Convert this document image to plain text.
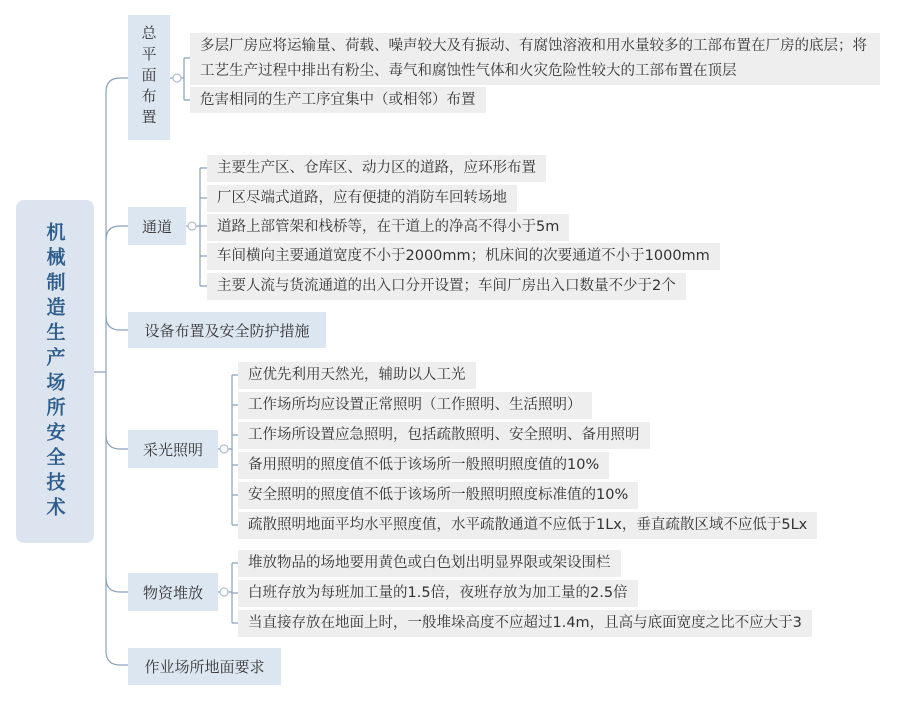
机械制造生产场所安全技术
总平面布置	多层厂房应将运输量、荷载、噪声较大及有振动、有腐蚀溶液和用水量较多的工部布置在厂房的底层；将工艺生产过程中排出有粉尘、毒气和腐蚀性气体和火灾危险性较大的工部布置在顶层
危害相同的生产工序宜集中（或相邻）布置
通道
主要生产区、仓库区、动力区的道路，应环形布置
厂区尽端式道路，应有便捷的消防车回转场地
道路上部管架和栈桥等，在干道上的净高不得小于5m
车间横向主要通道宽度不小于2000mm；机床间的次要通道不小于1000mm
主要人流与货流通道的出入口分开设置；车间厂房出入口数量不少于2个
设备布置及安全防护措施
采光照明
应优先利用天然光，辅助以人工光
工作场所均应设置正常照明（工作照明、生活照明）
工作场所设置应急照明，包括疏散照明、安全照明、备用照明
备用照明的照度值不低于该场所一般照明照度值的10%
安全照明的照度值不低于该场所一般照明照度标准值的10%
疏散照明地面平均水平照度值，水平疏散通道不应低于1Lx，垂直疏散区域不应低于5Lx
物资堆放
堆放物品的场地要用黄色或白色划出明显界限或架设围栏
白班存放为每班加工量的1.5倍，夜班存放为加工量的2.5倍
当直接存放在地面上时，一般堆垛高度不应超过1.4m，且高与底面宽度之比不应大于3
作业场所地面要求
